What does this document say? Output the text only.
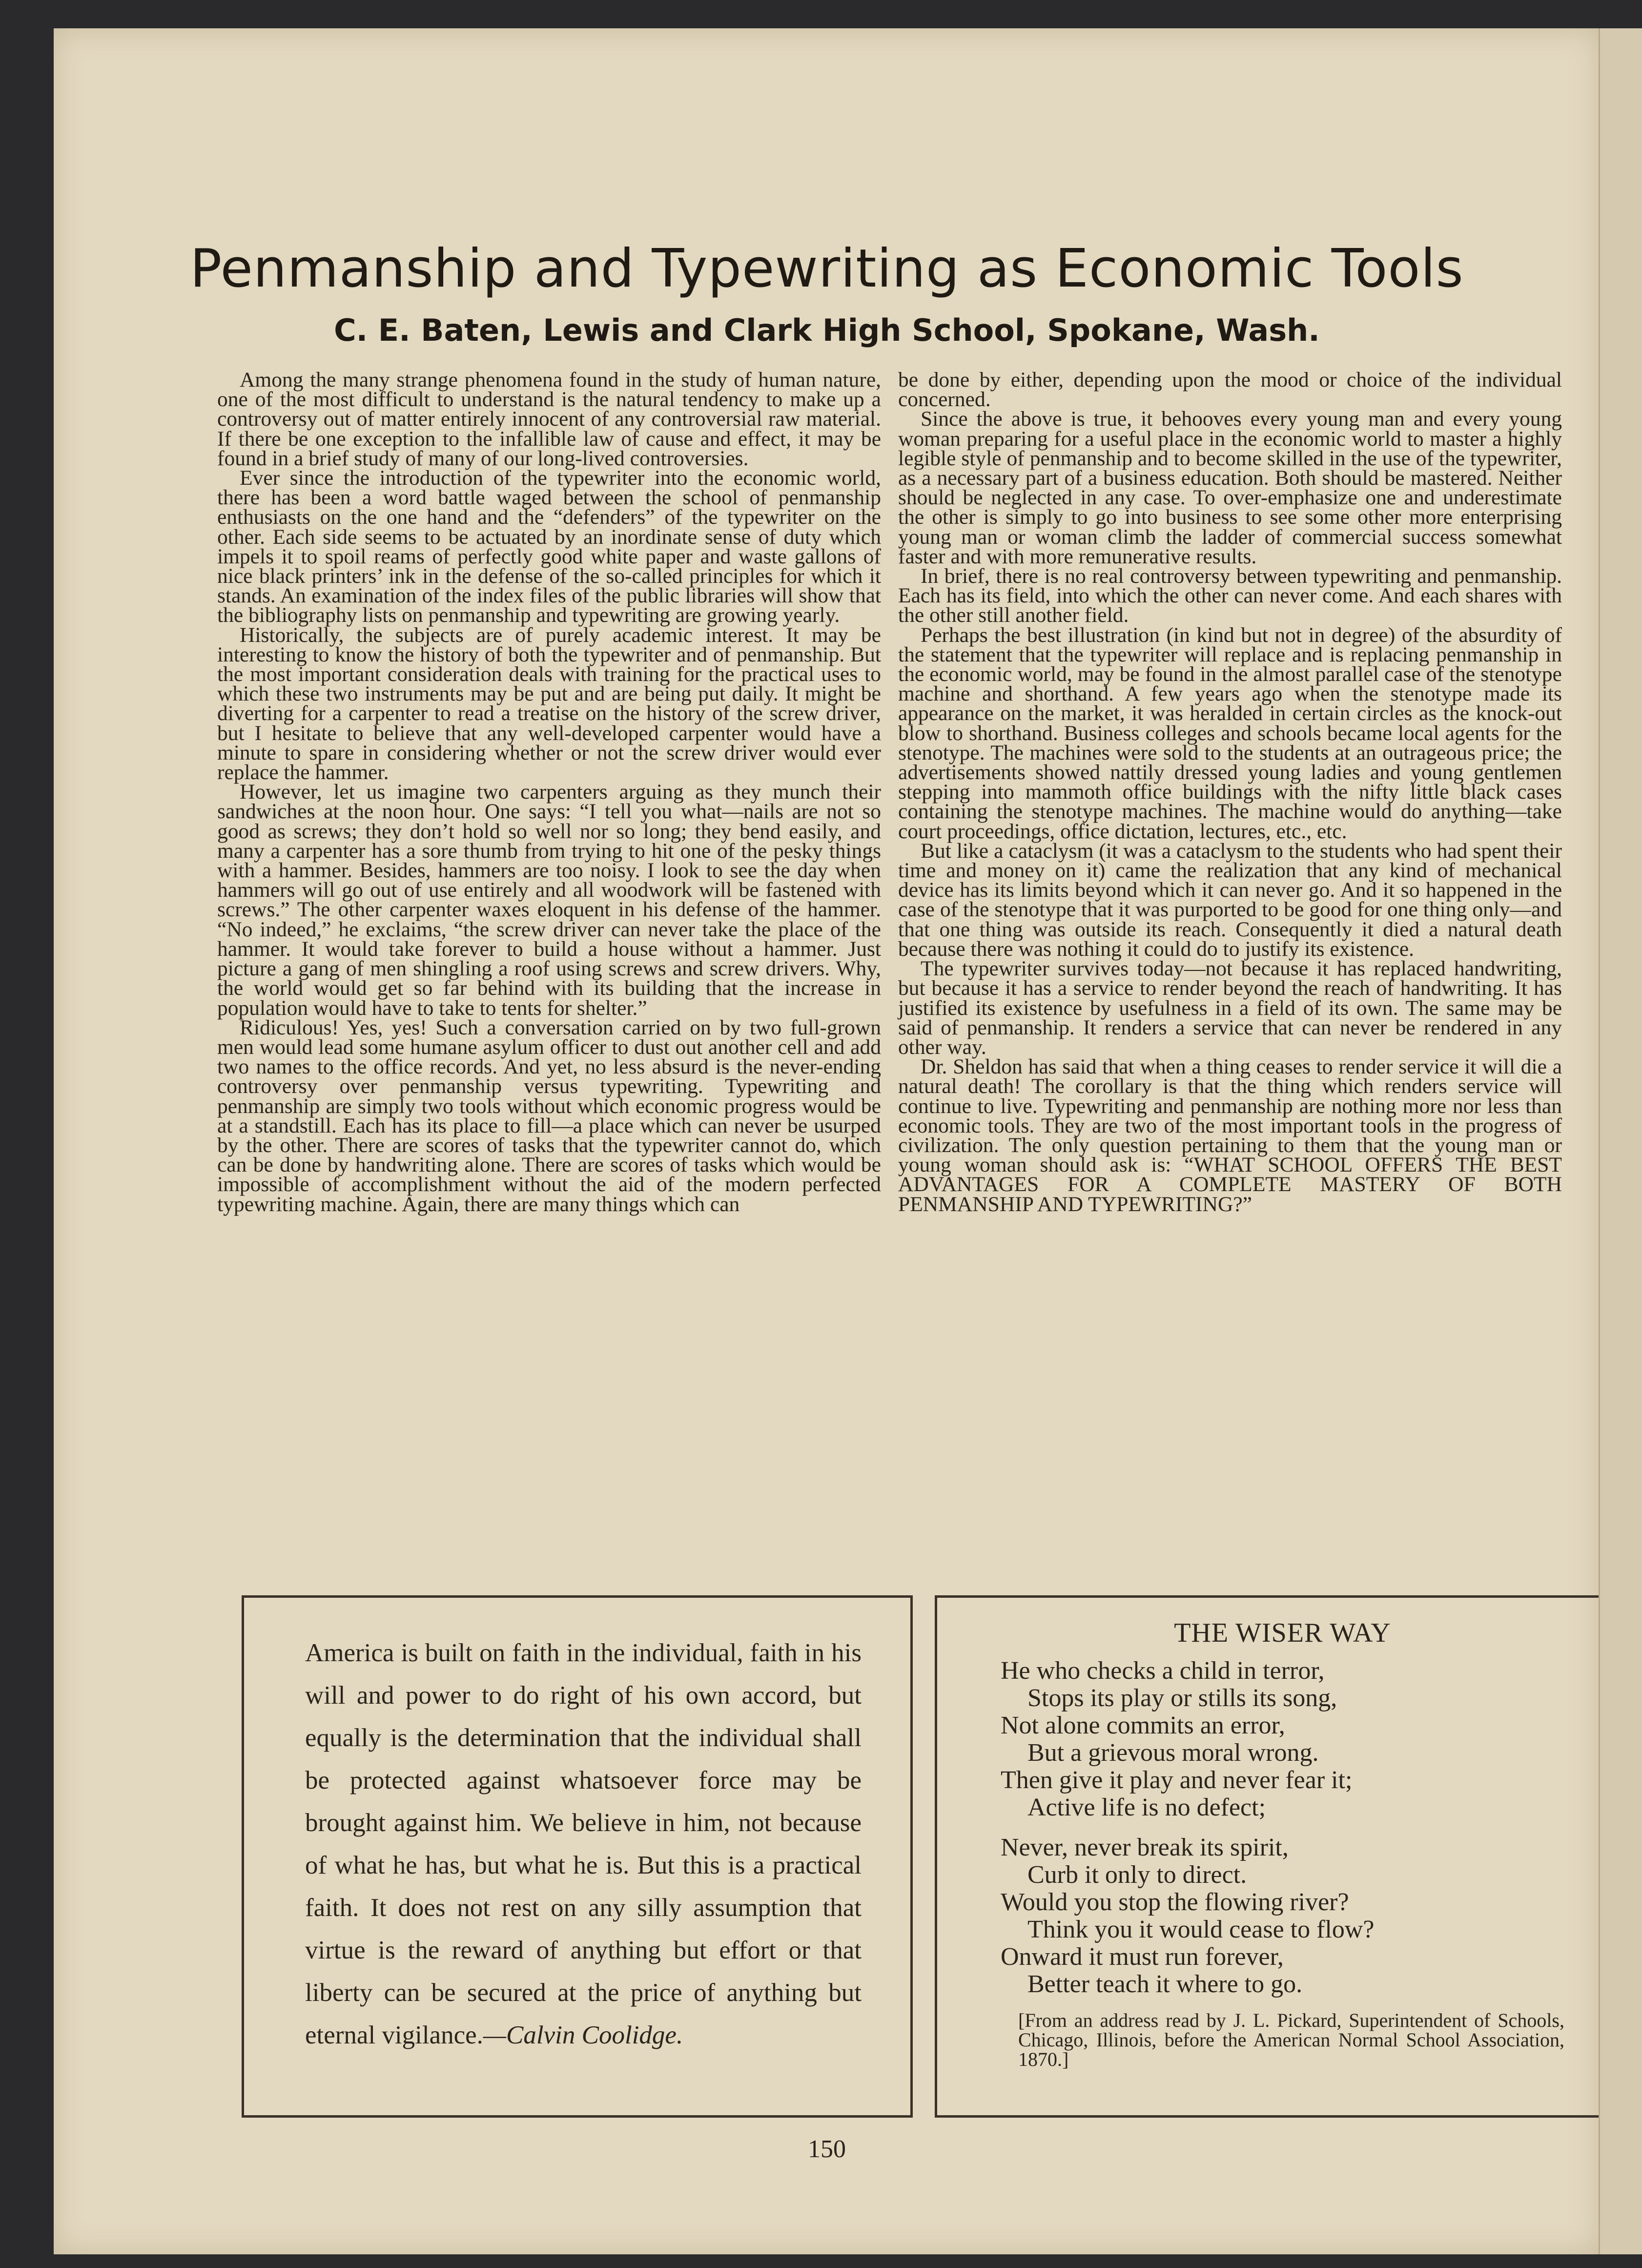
Penmanship and Typewriting as Economic Tools
C. E. Baten, Lewis and Clark High School, Spokane, Wash.

Among the many strange phenomena found in the study of human nature, one of the most difficult to understand is the natural tendency to make up a controversy out of matter entirely innocent of any controversial raw material. If there be one exception to the infallible law of cause and effect, it may be found in a brief study of many of our long-lived controversies.

Ever since the introduction of the typewriter into the economic world, there has been a word battle waged between the school of penmanship enthusiasts on the one hand and the “defenders” of the typewriter on the other. Each side seems to be actuated by an inordinate sense of duty which impels it to spoil reams of perfectly good white paper and waste gallons of nice black printers’ ink in the defense of the so-called principles for which it stands. An examination of the index files of the public libraries will show that the bibliography lists on penmanship and typewriting are growing yearly.

Historically, the subjects are of purely academic interest. It may be interesting to know the history of both the typewriter and of penmanship. But the most important consideration deals with training for the practical uses to which these two instruments may be put and are being put daily. It might be diverting for a carpenter to read a treatise on the history of the screw driver, but I hesitate to believe that any well-developed carpenter would have a minute to spare in considering whether or not the screw driver would ever replace the hammer.

However, let us imagine two carpenters arguing as they munch their sandwiches at the noon hour. One says: “I tell you what—nails are not so good as screws; they don’t hold so well nor so long; they bend easily, and many a carpenter has a sore thumb from trying to hit one of the pesky things with a hammer. Besides, hammers are too noisy. I look to see the day when hammers will go out of use entirely and all woodwork will be fastened with screws.” The other carpenter waxes eloquent in his defense of the hammer. “No indeed,” he exclaims, “the screw driver can never take the place of the hammer. It would take forever to build a house without a hammer. Just picture a gang of men shingling a roof using screws and screw drivers. Why, the world would get so far behind with its building that the increase in population would have to take to tents for shelter.”

Ridiculous! Yes, yes! Such a conversation carried on by two full-grown men would lead some humane asylum officer to dust out another cell and add two names to the office records. And yet, no less absurd is the never-ending controversy over penmanship versus typewriting. Typewriting and penmanship are simply two tools without which economic progress would be at a standstill. Each has its place to fill—a place which can never be usurped by the other. There are scores of tasks that the typewriter cannot do, which can be done by handwriting alone. There are scores of tasks which would be impossible of accomplishment without the aid of the modern perfected typewriting machine. Again, there are many things which can

be done by either, depending upon the mood or choice of the individual concerned.

Since the above is true, it behooves every young man and every young woman preparing for a useful place in the economic world to master a highly legible style of penmanship and to become skilled in the use of the typewriter, as a necessary part of a business education. Both should be mastered. Neither should be neglected in any case. To over-emphasize one and underestimate the other is simply to go into business to see some other more enterprising young man or woman climb the ladder of commercial success somewhat faster and with more remunerative results.

In brief, there is no real controversy between typewriting and penmanship. Each has its field, into which the other can never come. And each shares with the other still another field.

Perhaps the best illustration (in kind but not in degree) of the absurdity of the statement that the typewriter will replace and is replacing penmanship in the economic world, may be found in the almost parallel case of the stenotype machine and shorthand. A few years ago when the stenotype made its appearance on the market, it was heralded in certain circles as the knock-out blow to shorthand. Business colleges and schools became local agents for the stenotype. The machines were sold to the students at an outrageous price; the advertisements showed nattily dressed young ladies and young gentlemen stepping into mammoth office buildings with the nifty little black cases containing the stenotype machines. The machine would do anything—take court proceedings, office dictation, lectures, etc., etc.

But like a cataclysm (it was a cataclysm to the students who had spent their time and money on it) came the realization that any kind of mechanical device has its limits beyond which it can never go. And it so happened in the case of the stenotype that it was purported to be good for one thing only—and that one thing was outside its reach. Consequently it died a natural death because there was nothing it could do to justify its existence.

The typewriter survives today—not because it has replaced handwriting, but because it has a service to render beyond the reach of handwriting. It has justified its existence by usefulness in a field of its own. The same may be said of penmanship. It renders a service that can never be rendered in any other way.

Dr. Sheldon has said that when a thing ceases to render service it will die a natural death! The corollary is that the thing which renders service will continue to live. Typewriting and penmanship are nothing more nor less than economic tools. They are two of the most important tools in the progress of civilization. The only question pertaining to them that the young man or young woman should ask is: “WHAT SCHOOL OFFERS THE BEST ADVANTAGES FOR A COMPLETE MASTERY OF BOTH PENMANSHIP AND TYPEWRITING?”

America is built on faith in the individual, faith in his will and power to do right of his own accord, but equally is the determination that the individual shall be protected against whatsoever force may be brought against him. We believe in him, not because of what he has, but what he is. But this is a practical faith. It does not rest on any silly assumption that virtue is the reward of anything but effort or that liberty can be secured at the price of anything but eternal vigilance.—Calvin Coolidge.

THE WISER WAY

He who checks a child in terror,
Stops its play or stills its song,
Not alone commits an error,
But a grievous moral wrong.
Then give it play and never fear it;
Active life is no defect;
Never, never break its spirit,
Curb it only to direct.
Would you stop the flowing river?
Think you it would cease to flow?
Onward it must run forever,
Better teach it where to go.
[From an address read by J. L. Pickard, Superintendent of Schools, Chicago, Illinois, before the American Normal School Association, 1870.]
150
